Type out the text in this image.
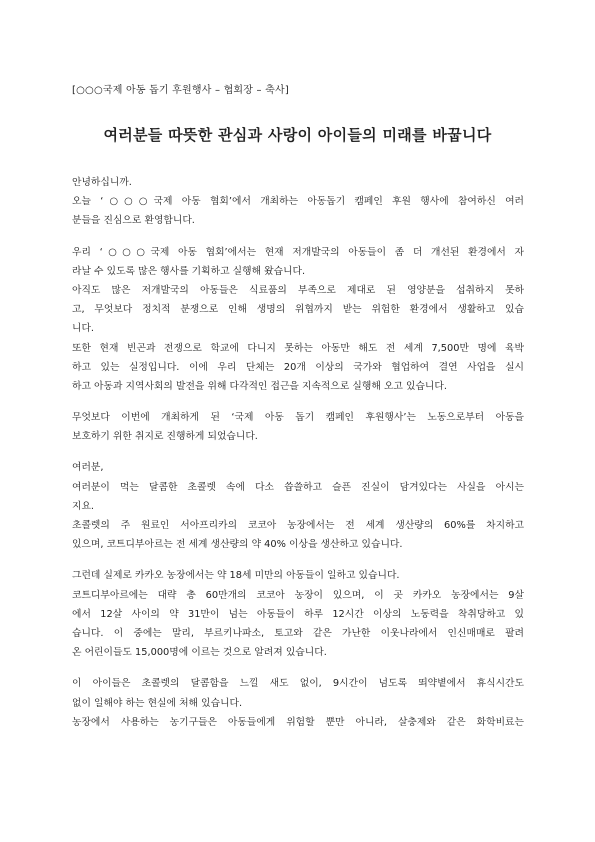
[○○○국제 아동 돕기 후원행사 – 협회장 – 축사]
여러분들 따뜻한 관심과 사랑이 아이들의 미래를 바꿉니다
안녕하십니까.
오늘 ‘○○○국제 아동 협회’에서 개최하는 아동돕기 캠페인 후원 행사에 참여하신 여러
분들을 진심으로 환영합니다.
우리 ‘○○○국제 아동 협회’에서는 현재 저개발국의 아동들이 좀 더 개선된 환경에서 자
라날 수 있도록 많은 행사를 기획하고 실행해 왔습니다.
아직도 많은 저개발국의 아동들은 식료품의 부족으로 제대로 된 영양분을 섭취하지 못하
고, 무엇보다 정치적 분쟁으로 인해 생명의 위협까지 받는 위험한 환경에서 생활하고 있습
니다.
또한 현재 빈곤과 전쟁으로 학교에 다니지 못하는 아동만 해도 전 세계 7,500만 명에 육박
하고 있는 실정입니다. 이에 우리 단체는 20개 이상의 국가와 협업하여 결연 사업을 실시
하고 아동과 지역사회의 발전을 위해 다각적인 접근을 지속적으로 실행해 오고 있습니다.
무엇보다 이번에 개최하게 된 ‘국제 아동 돕기 캠페인 후원행사’는 노동으로부터 아동을
보호하기 위한 취지로 진행하게 되었습니다.
여러분,
여러분이 먹는 달콤한 초콜렛 속에 다소 씁쓸하고 슬픈 진실이 담겨있다는 사실을 아시는
지요.
초콜렛의 주 원료인 서아프리카의 코코아 농장에서는 전 세계 생산량의 60%를 차지하고
있으며, 코트디부아르는 전 세계 생산량의 약 40% 이상을 생산하고 있습니다.
그런데 실제로 카카오 농장에서는 약 18세 미만의 아동들이 일하고 있습니다.
코트디부아르에는 대략 총 60만개의 코코아 농장이 있으며, 이 곳 카카오 농장에서는 9살
에서 12살 사이의 약 31만이 넘는 아동들이 하루 12시간 이상의 노동력을 착취당하고 있
습니다. 이 중에는 말리, 부르키나파소, 토고와 같은 가난한 이웃나라에서 인신매매로 팔려
온 어린이들도 15,000명에 이르는 것으로 알려져 있습니다.
이 아이들은 초콜렛의 달콤함을 느낄 새도 없이, 9시간이 넘도록 뙤약볕에서 휴식시간도
없이 일해야 하는 현실에 처해 있습니다.
농장에서 사용하는 농기구들은 아동들에게 위험할 뿐만 아니라, 살충제와 같은 화학비료는
